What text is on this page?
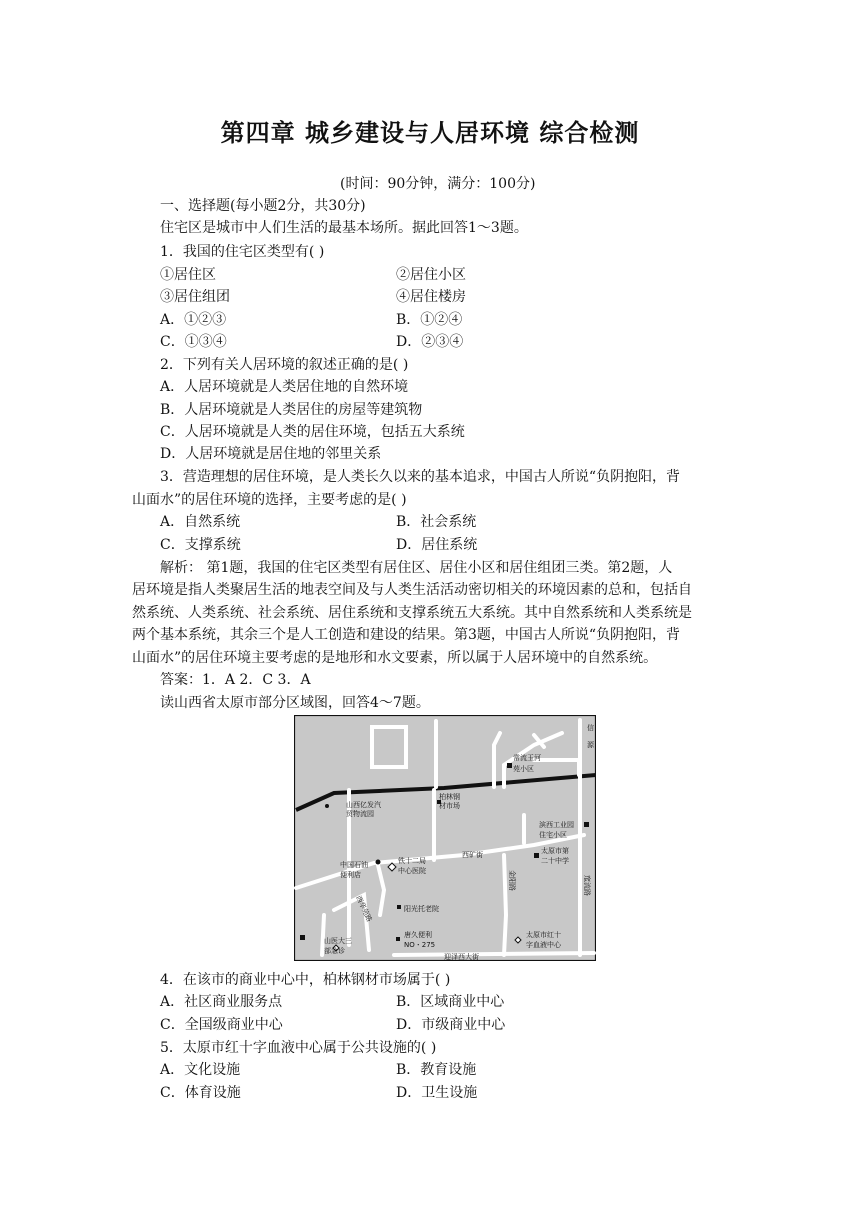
第四章 城乡建设与人居环境 综合检测
(时间：90分钟，满分：100分)
一、选择题(每小题2分，共30分)
住宅区是城市中人们生活的最基本场所。据此回答1～3题。
1．我国的住宅区类型有( )
①居住区	②居住小区
③居住组团	④居住楼房
A．①②③	B．①②④
C．①③④	D．②③④
2．下列有关人居环境的叙述正确的是( )
A．人居环境就是人类居住地的自然环境
B．人居环境就是人类居住的房屋等建筑物
C．人居环境就是人类的居住环境，包括五大系统
D．人居环境就是居住地的邻里关系
3．营造理想的居住环境，是人类长久以来的基本追求，中国古人所说“负阴抱阳，背
山面水”的居住环境的选择，主要考虑的是( )
A．自然系统	B．社会系统
C．支撑系统	D．居住系统
解析： 第1题，我国的住宅区类型有居住区、居住小区和居住组团三类。第2题，人
居环境是指人类聚居生活的地表空间及与人类生活活动密切相关的环境因素的总和，包括自
然系统、人类系统、社会系统、居住系统和支撑系统五大系统。其中自然系统和人类系统是
两个基本系统，其余三个是人工创造和建设的结果。第3题，中国古人所说“负阴抱阳，背
山面水”的居住环境主要考虑的是地形和水文要素，所以属于人居环境中的自然系统。
答案：1．A 2．C 3．A
读山西省太原市部分区域图，回答4～7题。
山西亿发汽
贸物流园
柏林钢
材市场
常流玉河
苑小区
信
源
滨西工业园
住宅小区
西矿街	太原市第
二十中学
中国石油
便利店
铁十二局
中心医院	金阳路
阳光托老院
西华苑路
山医大三
部急诊
唐久便利
NO・275
太原市红十
字血液中心
迎泽西大街
窊流路
4．在该市的商业中心中，柏林钢材市场属于( )
A．社区商业服务点	B．区域商业中心
C．全国级商业中心	D．市级商业中心
5．太原市红十字血液中心属于公共设施的( )
A．文化设施	B．教育设施
C．体育设施	D．卫生设施
